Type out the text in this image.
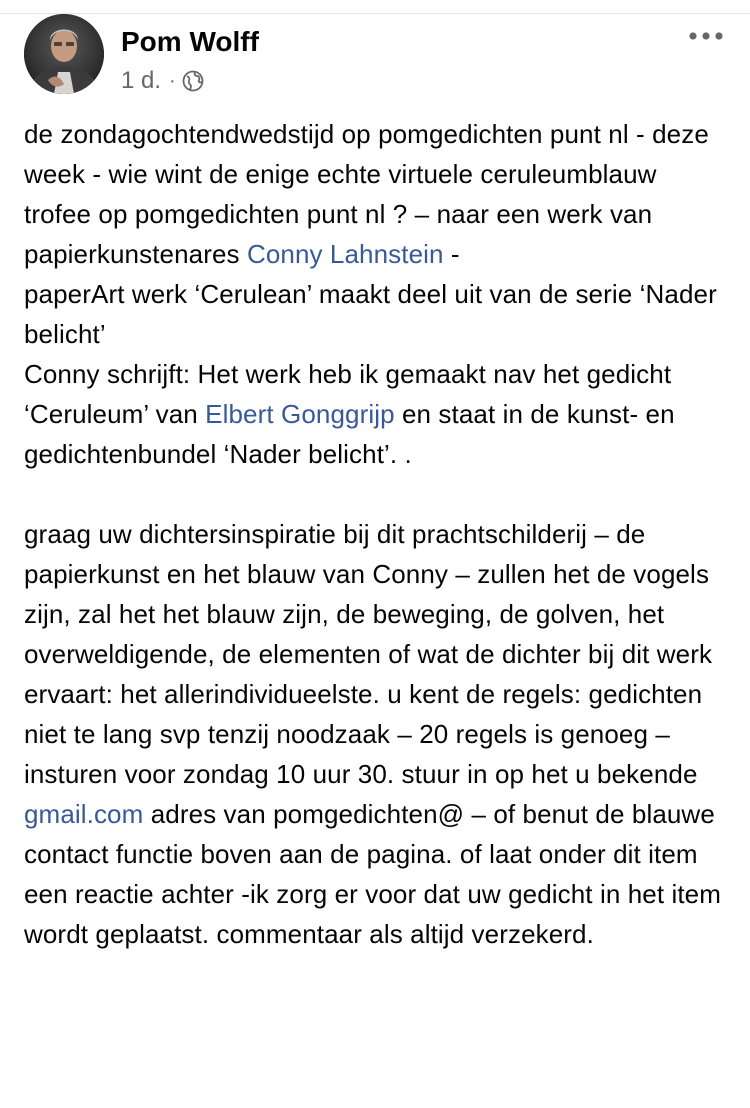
Pom Wolff
1 d. ·

de zondagochtendwedstijd op pomgedichten punt nl - deze week - wie wint de enige echte virtuele ceruleumblauw trofee op pomgedichten punt nl ? – naar een werk van papierkunstenares Conny Lahnstein -

paperArt werk ‘Cerulean’ maakt deel uit van de serie ‘Nader belicht’

Conny schrijft: Het werk heb ik gemaakt nav het gedicht ‘Ceruleum’ van Elbert Gonggrijp en staat in de kunst- en gedichtenbundel ‘Nader belicht’. .

graag uw dichtersinspiratie bij dit prachtschilderij – de papierkunst en het blauw van Conny – zullen het de vogels zijn, zal het het blauw zijn, de beweging, de golven, het overweldigende, de elementen of wat de dichter bij dit werk ervaart: het allerindividueelste. u kent de regels: gedichten niet te lang svp tenzij noodzaak – 20 regels is genoeg – insturen voor zondag 10 uur 30. stuur in op het u bekende gmail.com adres van pomgedichten@ – of benut de blauwe contact functie boven aan de pagina. of laat onder dit item een reactie achter -ik zorg er voor dat uw gedicht in het item wordt geplaatst. commentaar als altijd verzekerd.
